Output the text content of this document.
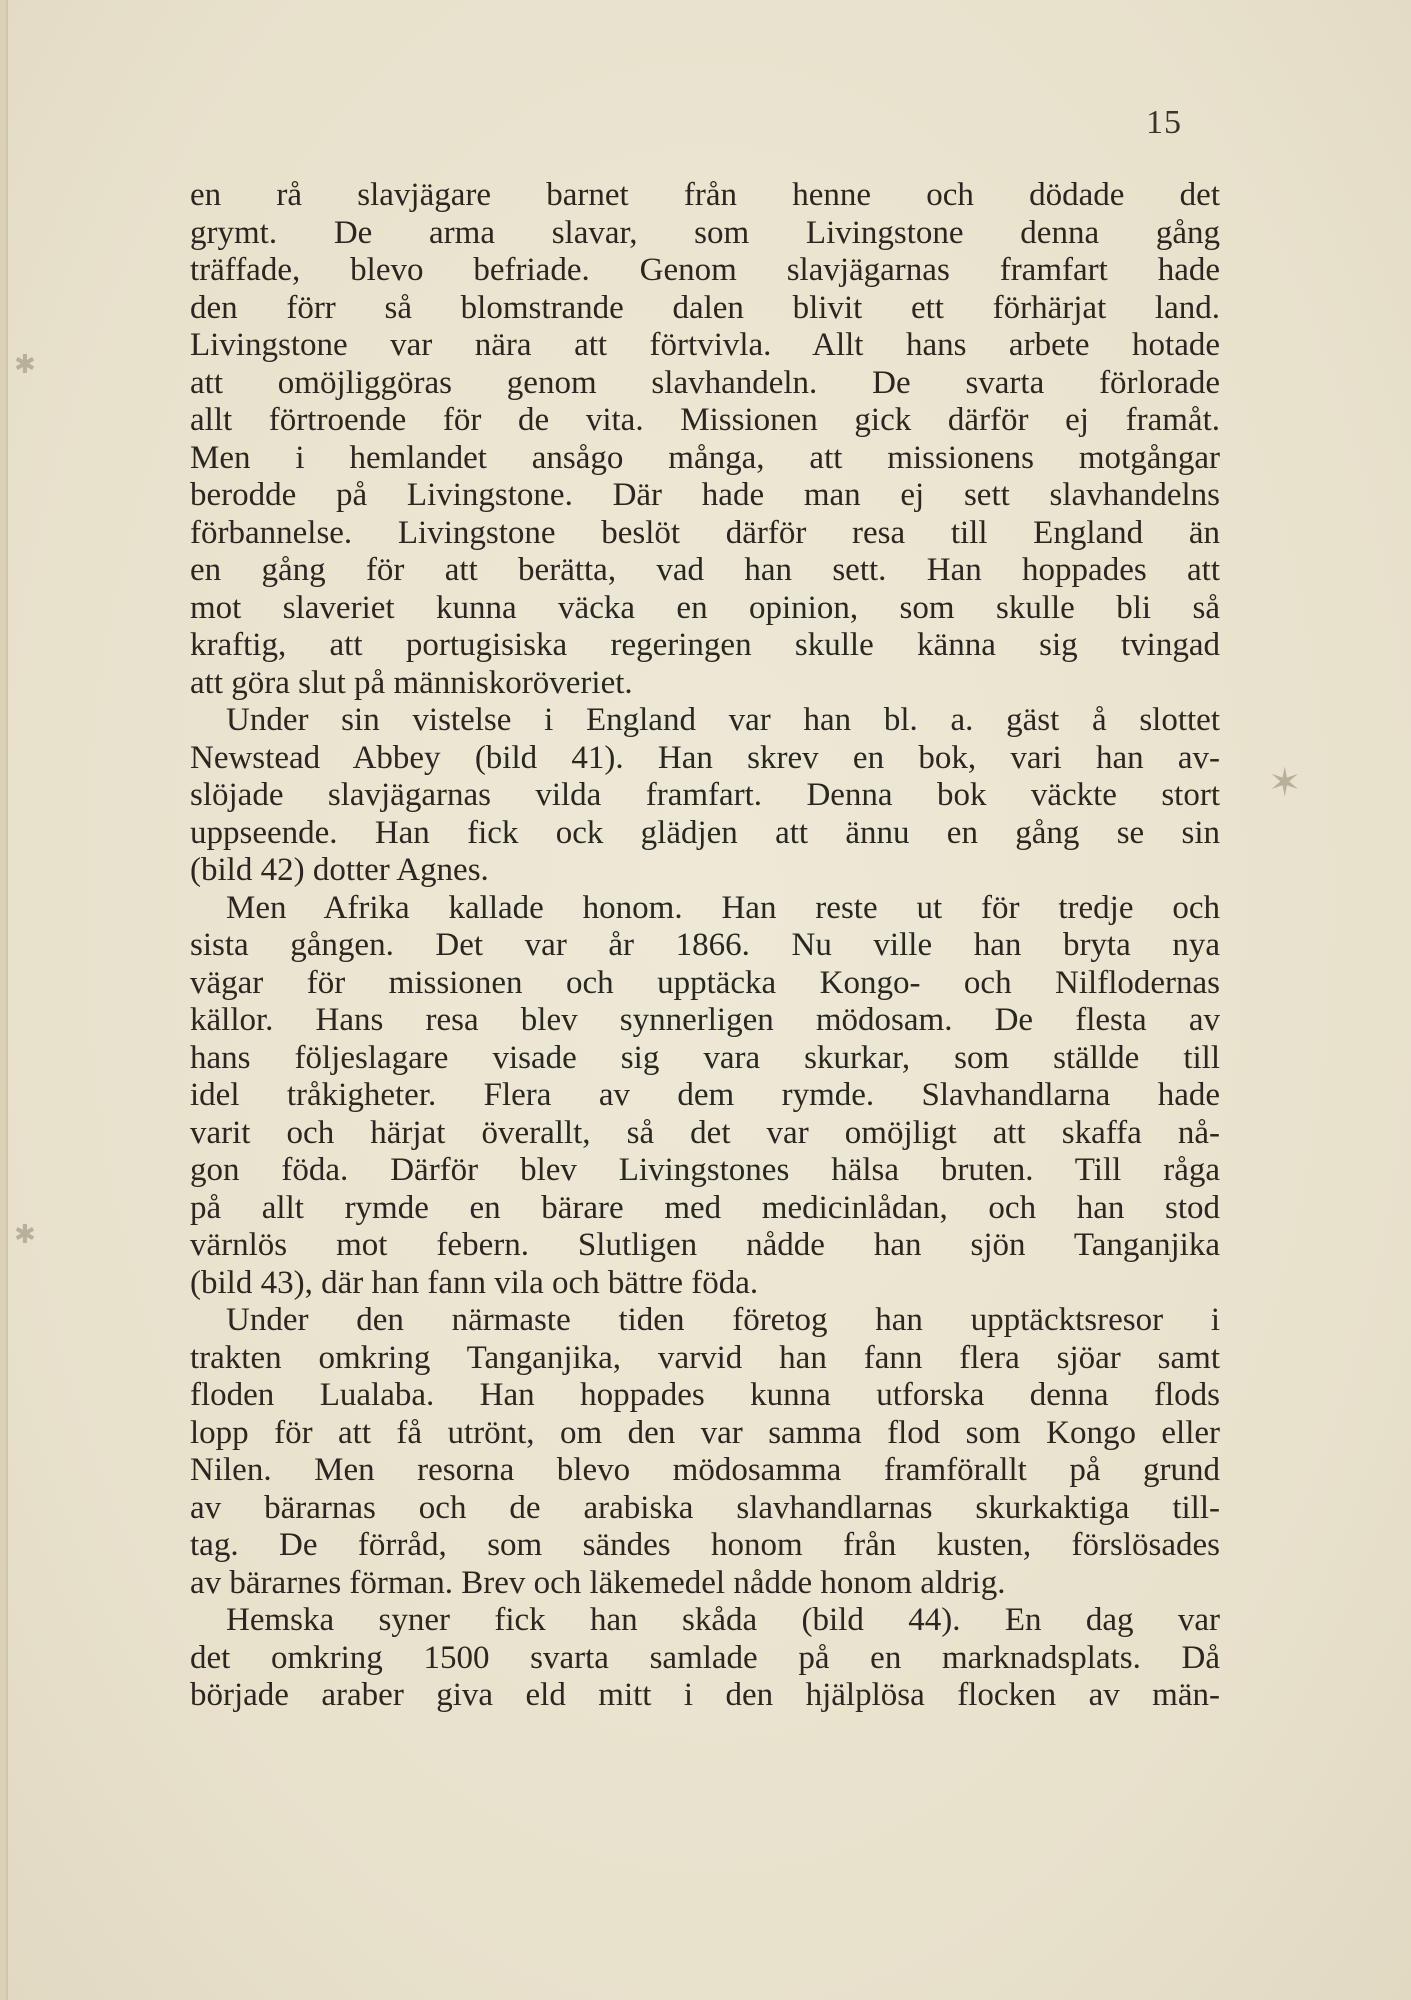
15
en rå slavjägare barnet från henne och dödade det
grymt. De arma slavar, som Livingstone denna gång
träffade, blevo befriade. Genom slavjägarnas framfart hade
den förr så blomstrande dalen blivit ett förhärjat land.
Livingstone var nära att förtvivla. Allt hans arbete hotade
att omöjliggöras genom slavhandeln. De svarta förlorade
allt förtroende för de vita. Missionen gick därför ej framåt.
Men i hemlandet ansågo många, att missionens motgångar
berodde på Livingstone. Där hade man ej sett slavhandelns
förbannelse. Livingstone beslöt därför resa till England än
en gång för att berätta, vad han sett. Han hoppades att
mot slaveriet kunna väcka en opinion, som skulle bli så
kraftig, att portugisiska regeringen skulle känna sig tvingad
att göra slut på människoröveriet.
Under sin vistelse i England var han bl. a. gäst å slottet
Newstead Abbey (bild 41). Han skrev en bok, vari han av-
slöjade slavjägarnas vilda framfart. Denna bok väckte stort
uppseende. Han fick ock glädjen att ännu en gång se sin
(bild 42) dotter Agnes.
Men Afrika kallade honom. Han reste ut för tredje och
sista gången. Det var år 1866. Nu ville han bryta nya
vägar för missionen och upptäcka Kongo- och Nilflodernas
källor. Hans resa blev synnerligen mödosam. De flesta av
hans följeslagare visade sig vara skurkar, som ställde till
idel tråkigheter. Flera av dem rymde. Slavhandlarna hade
varit och härjat överallt, så det var omöjligt att skaffa nå-
gon föda. Därför blev Livingstones hälsa bruten. Till råga
på allt rymde en bärare med medicinlådan, och han stod
värnlös mot febern. Slutligen nådde han sjön Tanganjika
(bild 43), där han fann vila och bättre föda.
Under den närmaste tiden företog han upptäcktsresor i
trakten omkring Tanganjika, varvid han fann flera sjöar samt
floden Lualaba. Han hoppades kunna utforska denna flods
lopp för att få utrönt, om den var samma flod som Kongo eller
Nilen. Men resorna blevo mödosamma framförallt på grund
av bärarnas och de arabiska slavhandlarnas skurkaktiga till-
tag. De förråd, som sändes honom från kusten, förslösades
av bärarnes förman. Brev och läkemedel nådde honom aldrig.
Hemska syner fick han skåda (bild 44). En dag var
det omkring 1500 svarta samlade på en marknadsplats. Då
började araber giva eld mitt i den hjälplösa flocken av män-
✱
✱
✶
